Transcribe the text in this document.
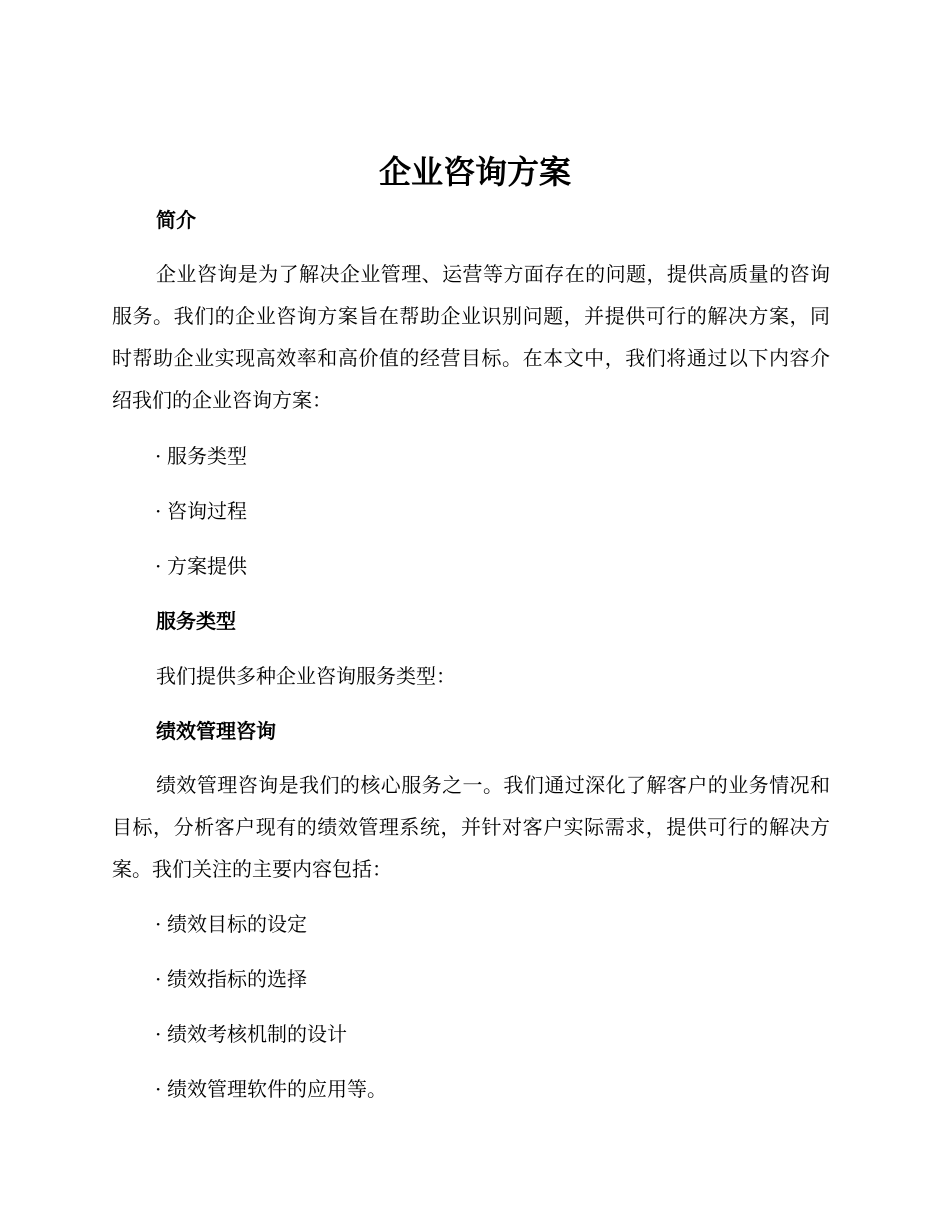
企业咨询方案
简介
企业咨询是为了解决企业管理、运营等方面存在的问题，提供高质量的咨询服务。我们的企业咨询方案旨在帮助企业识别问题，并提供可行的解决方案，同时帮助企业实现高效率和高价值的经营目标。在本文中，我们将通过以下内容介绍我们的企业咨询方案：
· 服务类型
· 咨询过程
· 方案提供
服务类型
我们提供多种企业咨询服务类型：
绩效管理咨询
绩效管理咨询是我们的核心服务之一。我们通过深化了解客户的业务情况和目标，分析客户现有的绩效管理系统，并针对客户实际需求，提供可行的解决方案。我们关注的主要内容包括：
· 绩效目标的设定
· 绩效指标的选择
· 绩效考核机制的设计
· 绩效管理软件的应用等。
